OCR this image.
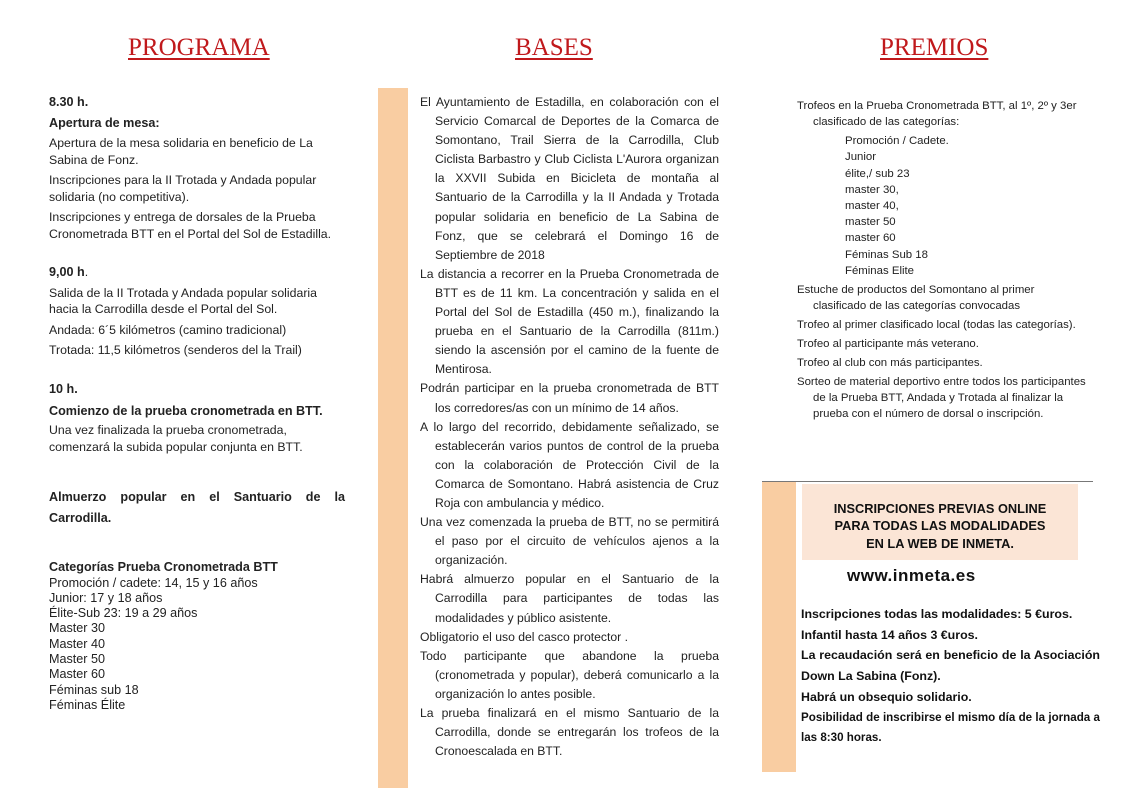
PROGRAMA	BASES	PREMIOS

8.30 h.

Apertura de mesa:

Apertura de la mesa solidaria en beneficio de La Sabina de Fonz.

Inscripciones para la II Trotada y Andada popular solidaria (no competitiva).

Inscripciones y entrega de dorsales de la Prueba Cronometrada BTT en el Portal del Sol de Estadilla.

9,00 h.

Salida de la II Trotada y Andada popular solidaria hacia la Carrodilla desde el Portal del Sol.

Andada: 6´5 kilómetros (camino tradicional)

Trotada: 11,5 kilómetros (senderos del la Trail)

10 h.

Comienzo de la prueba cronometrada en BTT.

Una vez finalizada la prueba cronometrada, comenzará la subida popular conjunta en BTT.

Almuerzo popular en el Santuario de la Carrodilla.

Categorías Prueba Cronometrada BTT

Promoción / cadete: 14, 15 y 16 años

Junior: 17 y 18 años

Élite-Sub 23: 19 a 29 años

Master 30

Master 40

Master 50

Master 60

Féminas sub 18

Féminas Élite

El Ayuntamiento de Estadilla, en colaboración con el Servicio Comarcal de Deportes de la Comarca de Somontano, Trail Sierra de la Carrodilla, Club Ciclista Barbastro y Club Ciclista L'Aurora organizan la XXVII Subida en Bicicleta de montaña al Santuario de la Carrodilla y la II Andada y Trotada popular solidaria en beneficio de La Sabina de Fonz, que se celebrará el Domingo 16 de Septiembre de 2018

La distancia a recorrer en la Prueba Cronometrada de BTT es de 11 km. La concentración y salida en el Portal del Sol de Estadilla (450 m.), finalizando la prueba en el Santuario de la Carrodilla (811m.) siendo la ascensión por el camino de la fuente de Mentirosa.

Podrán participar en la prueba cronometrada de BTT los corredores/as con un mínimo de 14 años.

A lo largo del recorrido, debidamente señalizado, se establecerán varios puntos de control de la prueba con la colaboración de Protección Civil de la Comarca de Somontano. Habrá asistencia de Cruz Roja con ambulancia y médico.

Una vez comenzada la prueba de BTT, no se permitirá el paso por el circuito de vehículos ajenos a la organización.

Habrá almuerzo popular en el Santuario de la Carrodilla para participantes de todas las modalidades y público asistente.

Obligatorio el uso del casco protector .

Todo participante que abandone la prueba (cronometrada y popular), deberá comunicarlo a la organización lo antes posible.

La prueba finalizará en el mismo Santuario de la Carrodilla, donde se entregarán los trofeos de la Cronoescalada en BTT.

Trofeos en la Prueba Cronometrada BTT, al 1º, 2º y 3er clasificado de las categorías:

Promoción / Cadete.
Junior
élite,/ sub 23
master 30,
master 40,
master 50
master 60
Féminas Sub 18
Féminas Elite

Estuche de productos del Somontano al primer clasificado de las categorías convocadas

Trofeo al primer clasificado local (todas las categorías).

Trofeo al participante más veterano.

Trofeo al club con más participantes.

Sorteo de material deportivo entre todos los participantes de la Prueba BTT, Andada y Trotada al finalizar la prueba con el número de dorsal o inscripción.

INSCRIPCIONES PREVIAS ONLINE
PARA TODAS LAS MODALIDADES
EN LA WEB DE INMETA.
www.inmeta.es

Inscripciones todas las modalidades: 5 €uros.

Infantil hasta 14 años 3 €uros.

La recaudación será en beneficio de la Asociación Down La Sabina (Fonz).

Habrá un obsequio solidario.

Posibilidad de inscribirse el mismo día de la jornada a las 8:30 horas.
